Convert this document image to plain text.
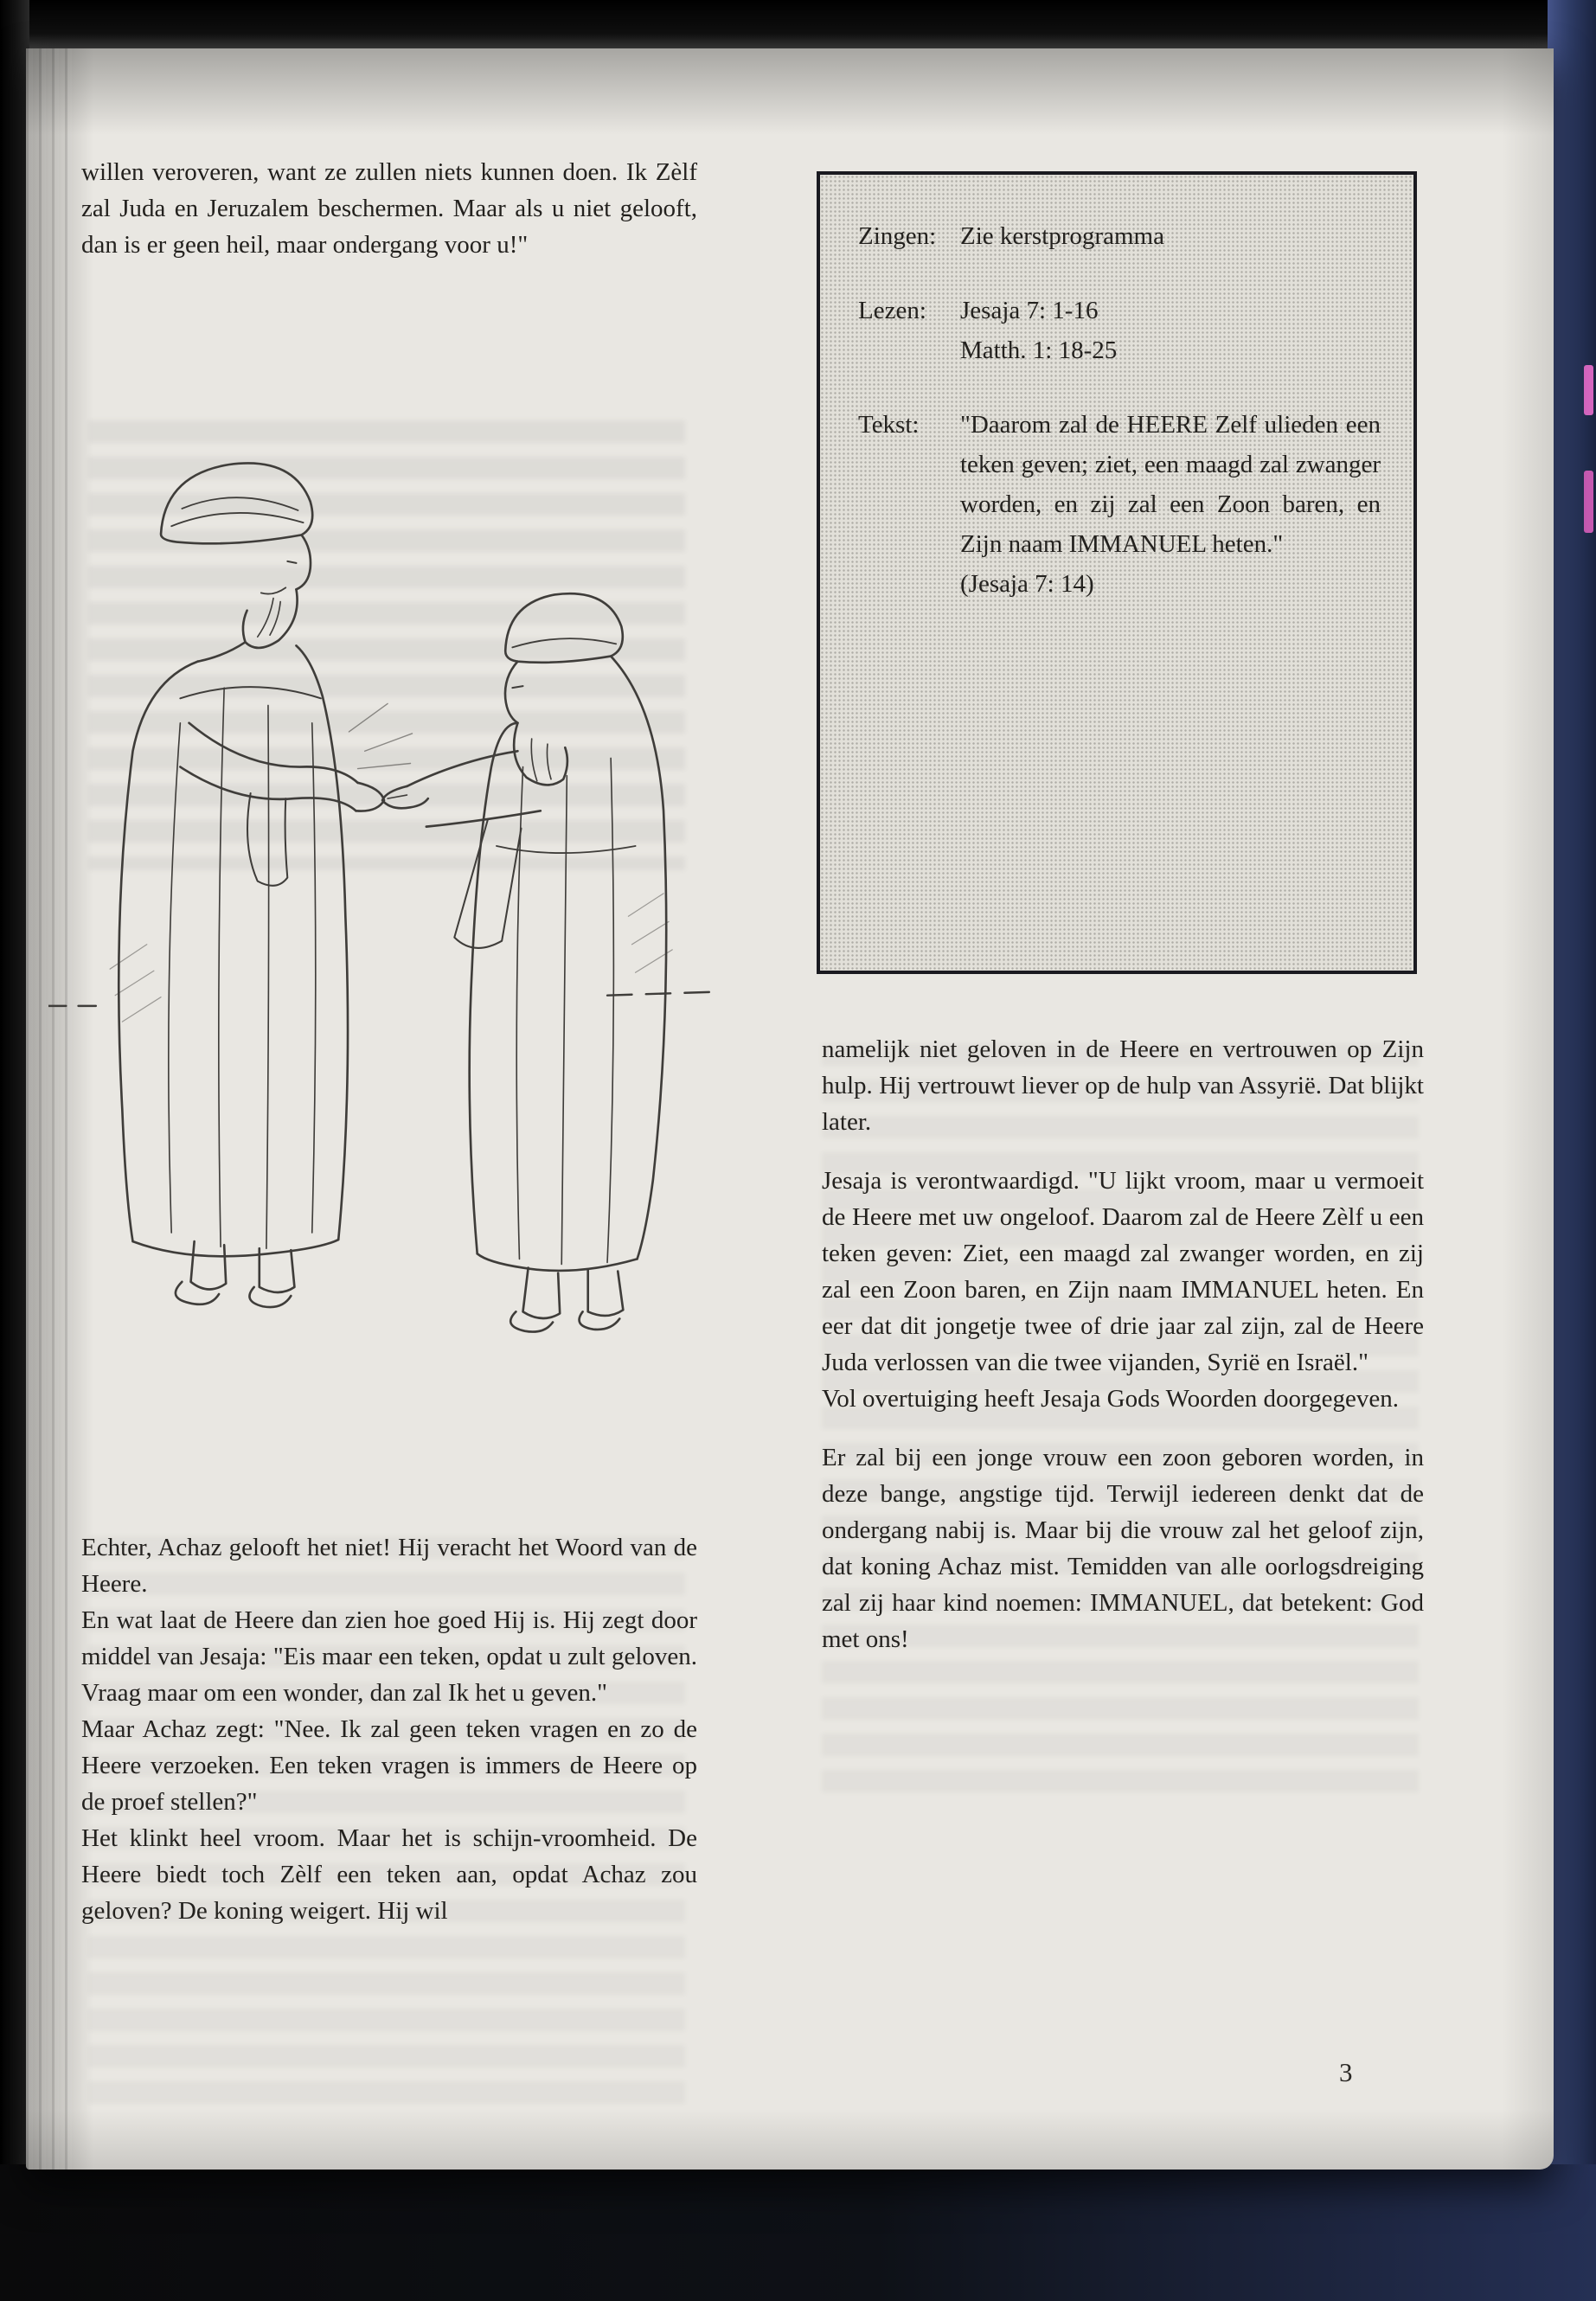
willen veroveren, want ze zullen niets kunnen doen. Ik Zèlf zal Juda en Jeruzalem beschermen. Maar als u niet gelooft, dan is er geen heil, maar ondergang voor u!"

Echter, Achaz gelooft het niet! Hij veracht het Woord van de Heere.

En wat laat de Heere dan zien hoe goed Hij is. Hij zegt door middel van Jesaja: "Eis maar een teken, opdat u zult geloven. Vraag maar om een wonder, dan zal Ik het u geven."

Maar Achaz zegt: "Nee. Ik zal geen teken vragen en zo de Heere verzoeken. Een teken vragen is immers de Heere op de proef stellen?"

Het klinkt heel vroom. Maar het is schijn-vroomheid. De Heere biedt toch Zèlf een teken aan, opdat Achaz zou geloven? De koning weigert. Hij wil

Zingen: Zie kerstprogramma
Lezen:	Jesaja 7: 1-16
Matth. 1: 18-25
Tekst:	"Daarom zal de HEERE Zelf ulieden een teken geven; ziet, een maagd zal zwanger worden, en zij zal een Zoon baren, en Zijn naam IMMANUEL heten."

(Jesaja 7: 14)

namelijk niet geloven in de Heere en vertrouwen op Zijn hulp. Hij vertrouwt liever op de hulp van Assyrië. Dat blijkt later.

Jesaja is verontwaardigd. "U lijkt vroom, maar u vermoeit de Heere met uw ongeloof. Daarom zal de Heere Zèlf u een teken geven: Ziet, een maagd zal zwanger worden, en zij zal een Zoon baren, en Zijn naam IMMANUEL heten. En eer dat dit jongetje twee of drie jaar zal zijn, zal de Heere Juda verlossen van die twee vijanden, Syrië en Israël."

Vol overtuiging heeft Jesaja Gods Woorden doorgegeven.

Er zal bij een jonge vrouw een zoon geboren worden, in deze bange, angstige tijd. Terwijl iedereen denkt dat de ondergang nabij is. Maar bij die vrouw zal het geloof zijn, dat koning Achaz mist. Temidden van alle oorlogsdreiging zal zij haar kind noemen: IMMANUEL, dat betekent: God met ons!

3
